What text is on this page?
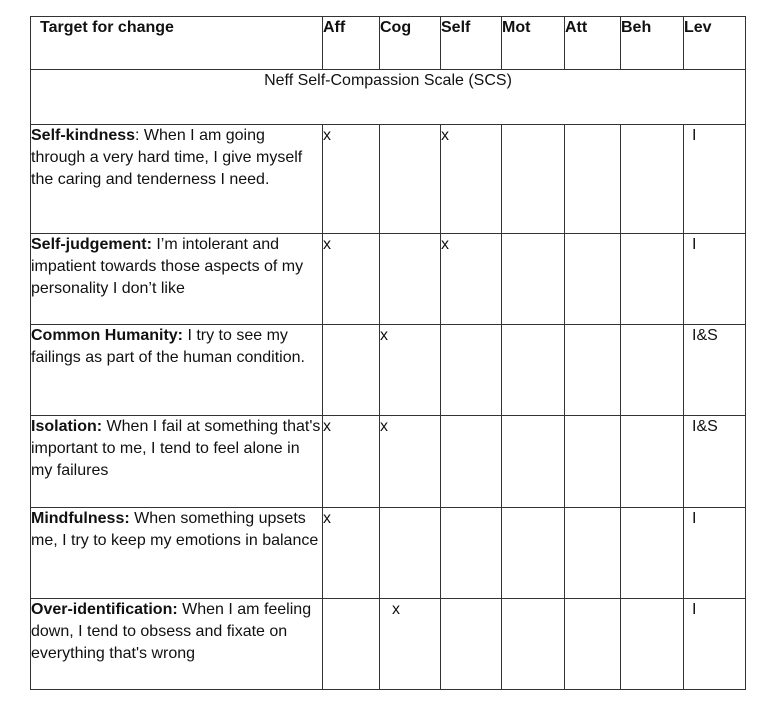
Target for change	Aff	Cog	Self	Mot	Att	Beh	Lev
Neff Self-Compassion Scale (SCS)							
Self-kindness: When I am going through a very hard time, I give myself the caring and tenderness I need.	x		x				I
Self-judgement: I’m intolerant and impatient towards those aspects of my personality I don’t like	x		x				I
Common Humanity: I try to see my failings as part of the human condition.		x					I&S
Isolation: When I fail at something that's important to me, I tend to feel alone in my failures	x	x					I&S
Mindfulness: When something upsets me, I try to keep my emotions in balance	x						I
Over-identification: When I am feeling down, I tend to obsess and fixate on everything that's wrong		x					I
